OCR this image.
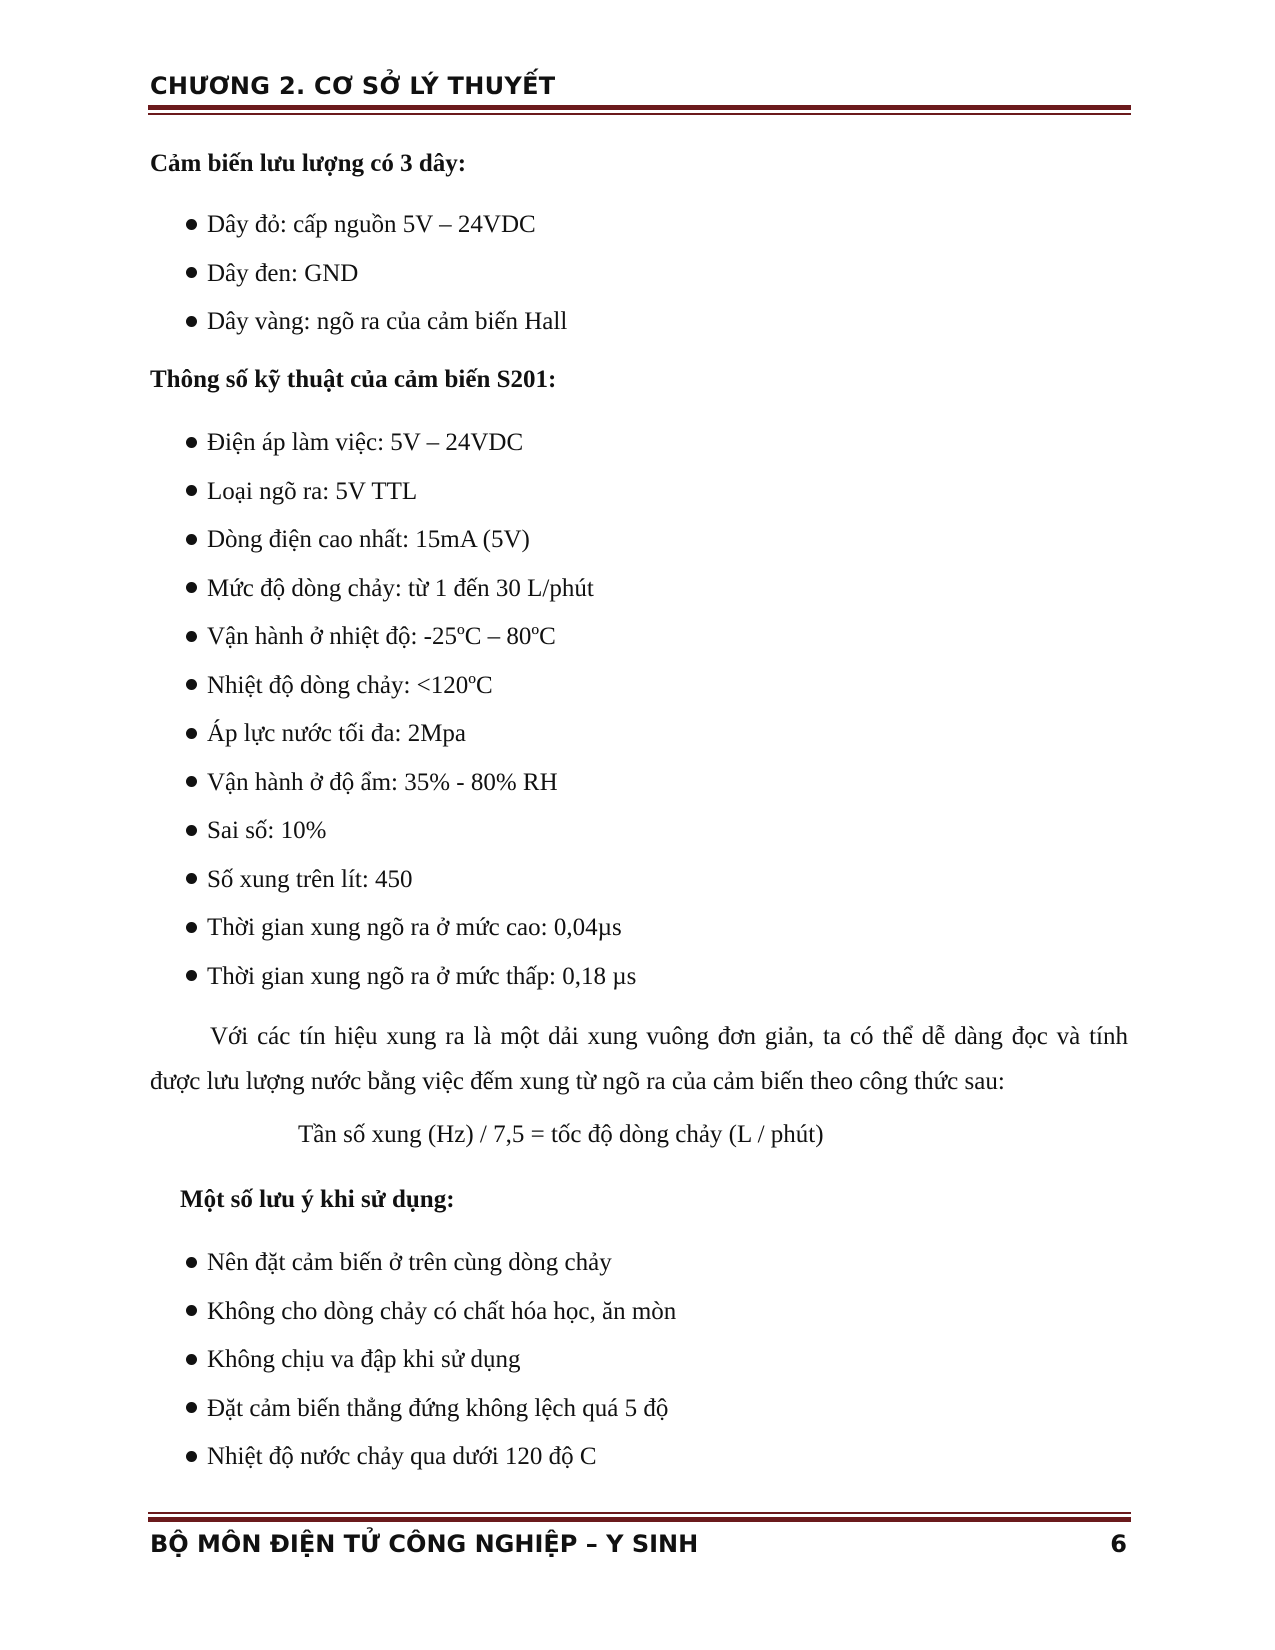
CHƯƠNG 2. CƠ SỞ LÝ THUYẾT
Cảm biến lưu lượng có 3 dây:
Dây đỏ: cấp nguồn 5V – 24VDC
Dây đen: GND
Dây vàng: ngõ ra của cảm biến Hall
Thông số kỹ thuật của cảm biến S201:
Điện áp làm việc: 5V – 24VDC
Loại ngõ ra: 5V TTL
Dòng điện cao nhất: 15mA (5V)
Mức độ dòng chảy: từ 1 đến 30 L/phút
Vận hành ở nhiệt độ: -25ºC – 80ºC
Nhiệt độ dòng chảy: <120ºC
Áp lực nước tối đa: 2Mpa
Vận hành ở độ ẩm: 35% - 80% RH
Sai số: 10%
Số xung trên lít: 450
Thời gian xung ngõ ra ở mức cao: 0,04µs
Thời gian xung ngõ ra ở mức thấp: 0,18 µs
Với các tín hiệu xung ra là một dải xung vuông đơn giản, ta có thể dễ dàng đọc và tính được lưu lượng nước bằng việc đếm xung từ ngõ ra của cảm biến theo công thức sau:
Tần số xung (Hz) / 7,5 = tốc độ dòng chảy (L / phút)
Một số lưu ý khi sử dụng:
Nên đặt cảm biến ở trên cùng dòng chảy
Không cho dòng chảy có chất hóa học, ăn mòn
Không chịu va đập khi sử dụng
Đặt cảm biến thẳng đứng không lệch quá 5 độ
Nhiệt độ nước chảy qua dưới 120 độ C
BỘ MÔN ĐIỆN TỬ CÔNG NGHIỆP – Y SINH	6
